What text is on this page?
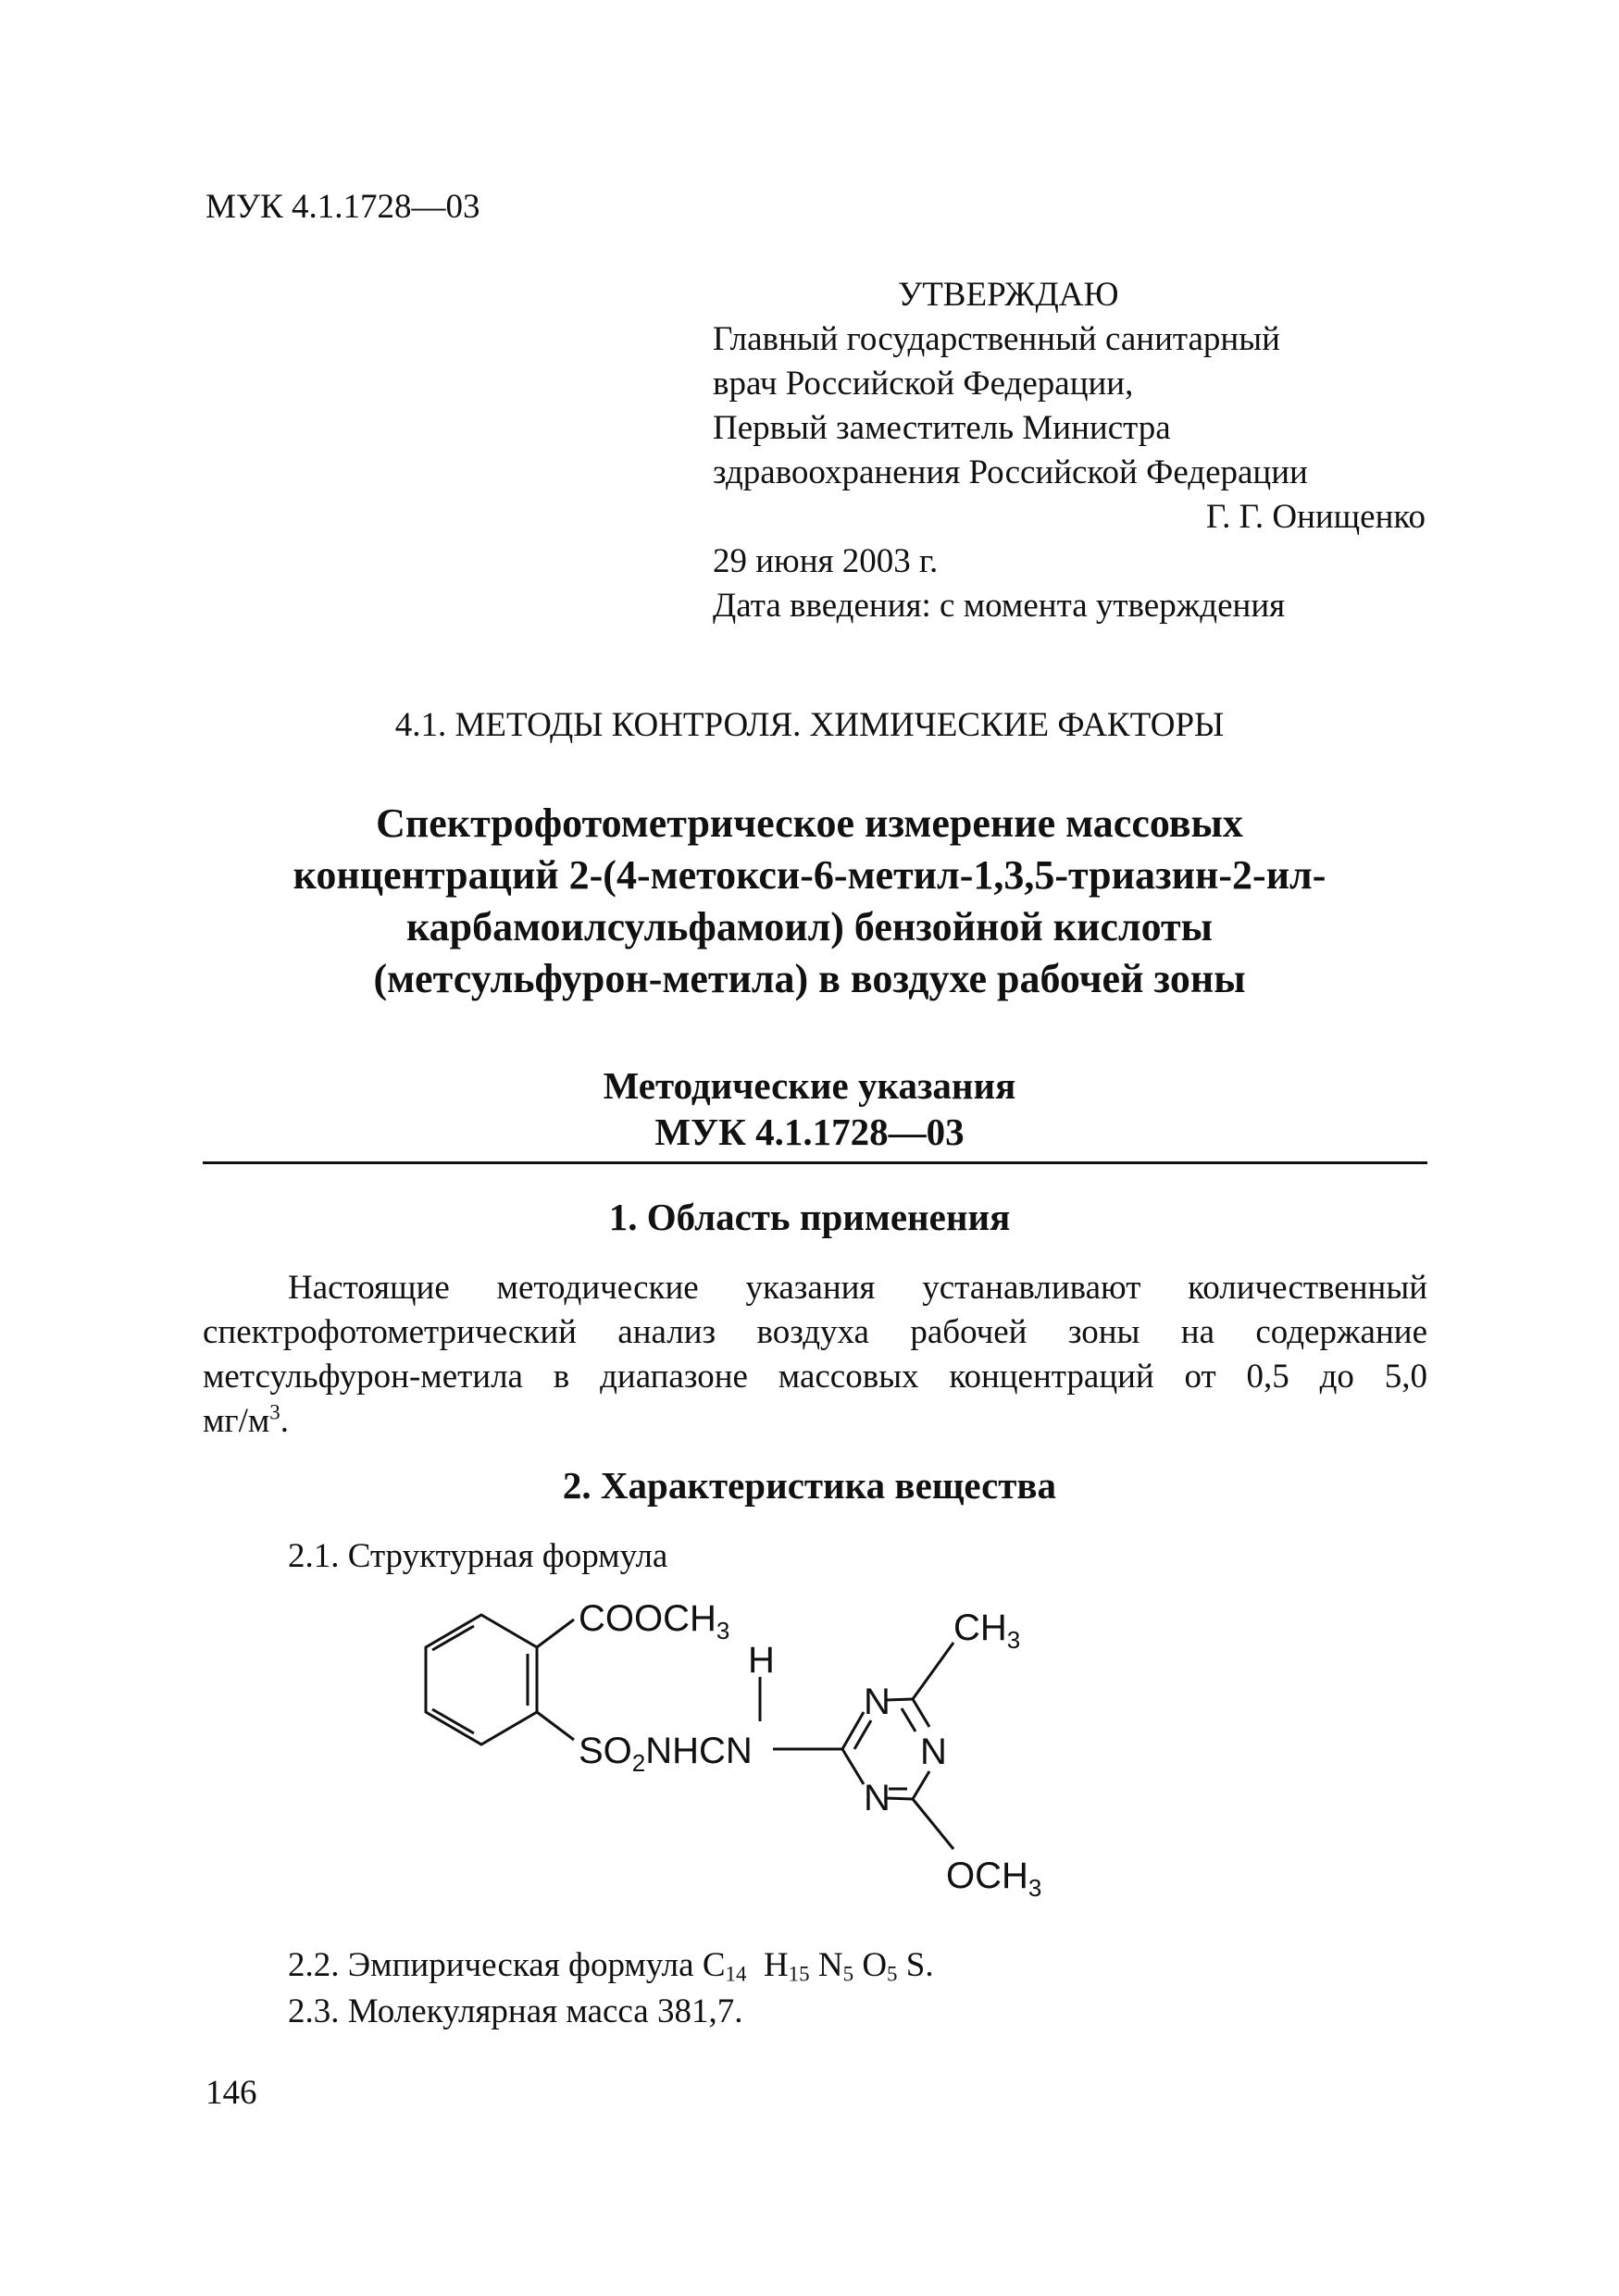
МУК 4.1.1728—03
УТВЕРЖДАЮ
Главный государственный санитарный
врач Российской Федерации,
Первый заместитель Министра
здравоохранения Российской Федерации
Г. Г. Онищенко
29 июня 2003 г.
Дата введения: с момента утверждения
4.1. МЕТОДЫ КОНТРОЛЯ. ХИМИЧЕСКИЕ ФАКТОРЫ
Спектрофотометрическое измерение массовых
концентраций 2-(4-метокси-6-метил-1,3,5-триазин-2-ил-
карбамоилсульфамоил) бензойной кислоты
(метсульфурон-метила) в воздухе рабочей зоны
Методические указания
МУК 4.1.1728—03
1. Область применения
Настоящие методические указания устанавливают количественный
спектрофотометрический анализ воздуха рабочей зоны на содержание
метсульфурон-метила в диапазоне массовых концентраций от 0,5 до 5,0
$мг/м^3$.
2. Характеристика вещества
2.1. Структурная формула
$COOCH_3$	$CH_3$
H
N
$SO_2NHCN$	N
N
$OCH_3$
2.2. Эмпирическая формула $C_{14}$ $H_{15}$ $N_5$ $O_5$ S.
2.3. Молекулярная масса 381,7.
146
